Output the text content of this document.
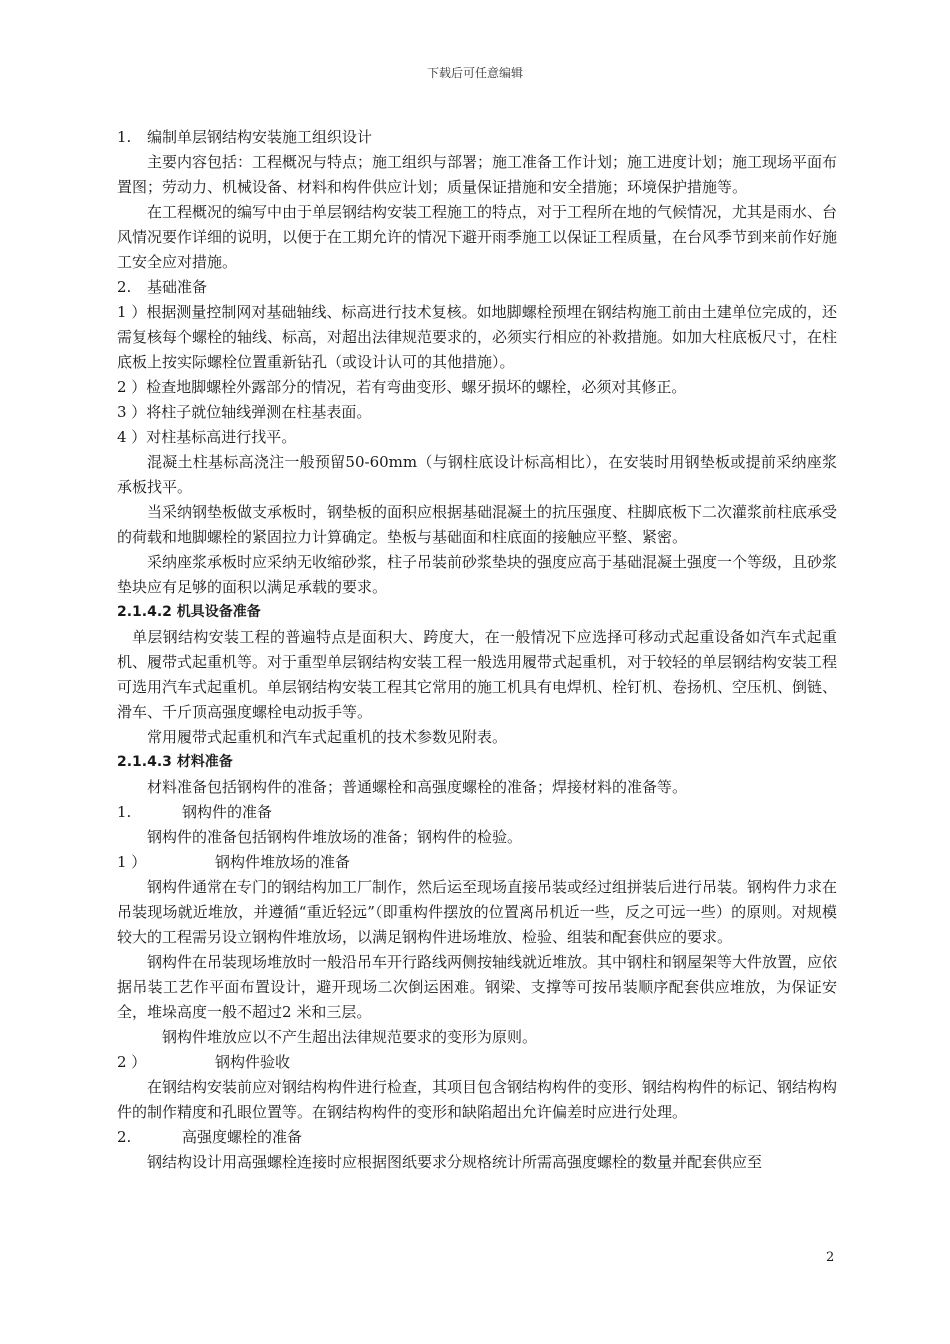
下载后可任意编辑

1. 编制单层钢结构安装施工组织设计

主要内容包括：工程概况与特点；施工组织与部署；施工准备工作计划；施工进度计划；施工现场平面布置图；劳动力、机械设备、材料和构件供应计划；质量保证措施和安全措施；环境保护措施等。

在工程概况的编写中由于单层钢结构安装工程施工的特点，对于工程所在地的气候情况，尤其是雨水、台风情况要作详细的说明，以便于在工期允许的情况下避开雨季施工以保证工程质量，在台风季节到来前作好施工安全应对措施。

2. 基础准备

1 ）根据测量控制网对基础轴线、标高进行技术复核。如地脚螺栓预埋在钢结构施工前由土建单位完成的，还需复核每个螺栓的轴线、标高，对超出法律规范要求的，必须实行相应的补救措施。如加大柱底板尺寸，在柱底板上按实际螺栓位置重新钻孔（或设计认可的其他措施）。

2 ）检查地脚螺栓外露部分的情况，若有弯曲变形、螺牙损坏的螺栓，必须对其修正。

3 ）将柱子就位轴线弹测在柱基表面。

4 ）对柱基标高进行找平。

混凝土柱基标高浇注一般预留50-60mm（与钢柱底设计标高相比），在安装时用钢垫板或提前采纳座浆承板找平。

当采纳钢垫板做支承板时，钢垫板的面积应根据基础混凝土的抗压强度、柱脚底板下二次灌浆前柱底承受的荷载和地脚螺栓的紧固拉力计算确定。垫板与基础面和柱底面的接触应平整、紧密。

采纳座浆承板时应采纳无收缩砂浆，柱子吊装前砂浆垫块的强度应高于基础混凝土强度一个等级，且砂浆垫块应有足够的面积以满足承载的要求。

2.1.4.2 机具设备准备

单层钢结构安装工程的普遍特点是面积大、跨度大，在一般情况下应选择可移动式起重设备如汽车式起重机、履带式起重机等。对于重型单层钢结构安装工程一般选用履带式起重机，对于较轻的单层钢结构安装工程可选用汽车式起重机。单层钢结构安装工程其它常用的施工机具有电焊机、栓钉机、卷扬机、空压机、倒链、滑车、千斤顶高强度螺栓电动扳手等。

常用履带式起重机和汽车式起重机的技术参数见附表。

2.1.4.3 材料准备

材料准备包括钢构件的准备；普通螺栓和高强度螺栓的准备；焊接材料的准备等。

1.	钢构件的准备

钢构件的准备包括钢构件堆放场的准备；钢构件的检验。

1 ）	钢构件堆放场的准备

钢构件通常在专门的钢结构加工厂制作，然后运至现场直接吊装或经过组拼装后进行吊装。钢构件力求在吊装现场就近堆放，并遵循“重近轻远”（即重构件摆放的位置离吊机近一些，反之可远一些）的原则。对规模较大的工程需另设立钢构件堆放场，以满足钢构件进场堆放、检验、组装和配套供应的要求。

钢构件在吊装现场堆放时一般沿吊车开行路线两侧按轴线就近堆放。其中钢柱和钢屋架等大件放置，应依据吊装工艺作平面布置设计，避开现场二次倒运困难。钢梁、支撑等可按吊装顺序配套供应堆放，为保证安全，堆垛高度一般不超过2 米和三层。

钢构件堆放应以不产生超出法律规范要求的变形为原则。

2 ）	钢构件验收

在钢结构安装前应对钢结构构件进行检查，其项目包含钢结构构件的变形、钢结构构件的标记、钢结构构件的制作精度和孔眼位置等。在钢结构构件的变形和缺陷超出允许偏差时应进行处理。

2.	高强度螺栓的准备

钢结构设计用高强螺栓连接时应根据图纸要求分规格统计所需高强度螺栓的数量并配套供应至

2
